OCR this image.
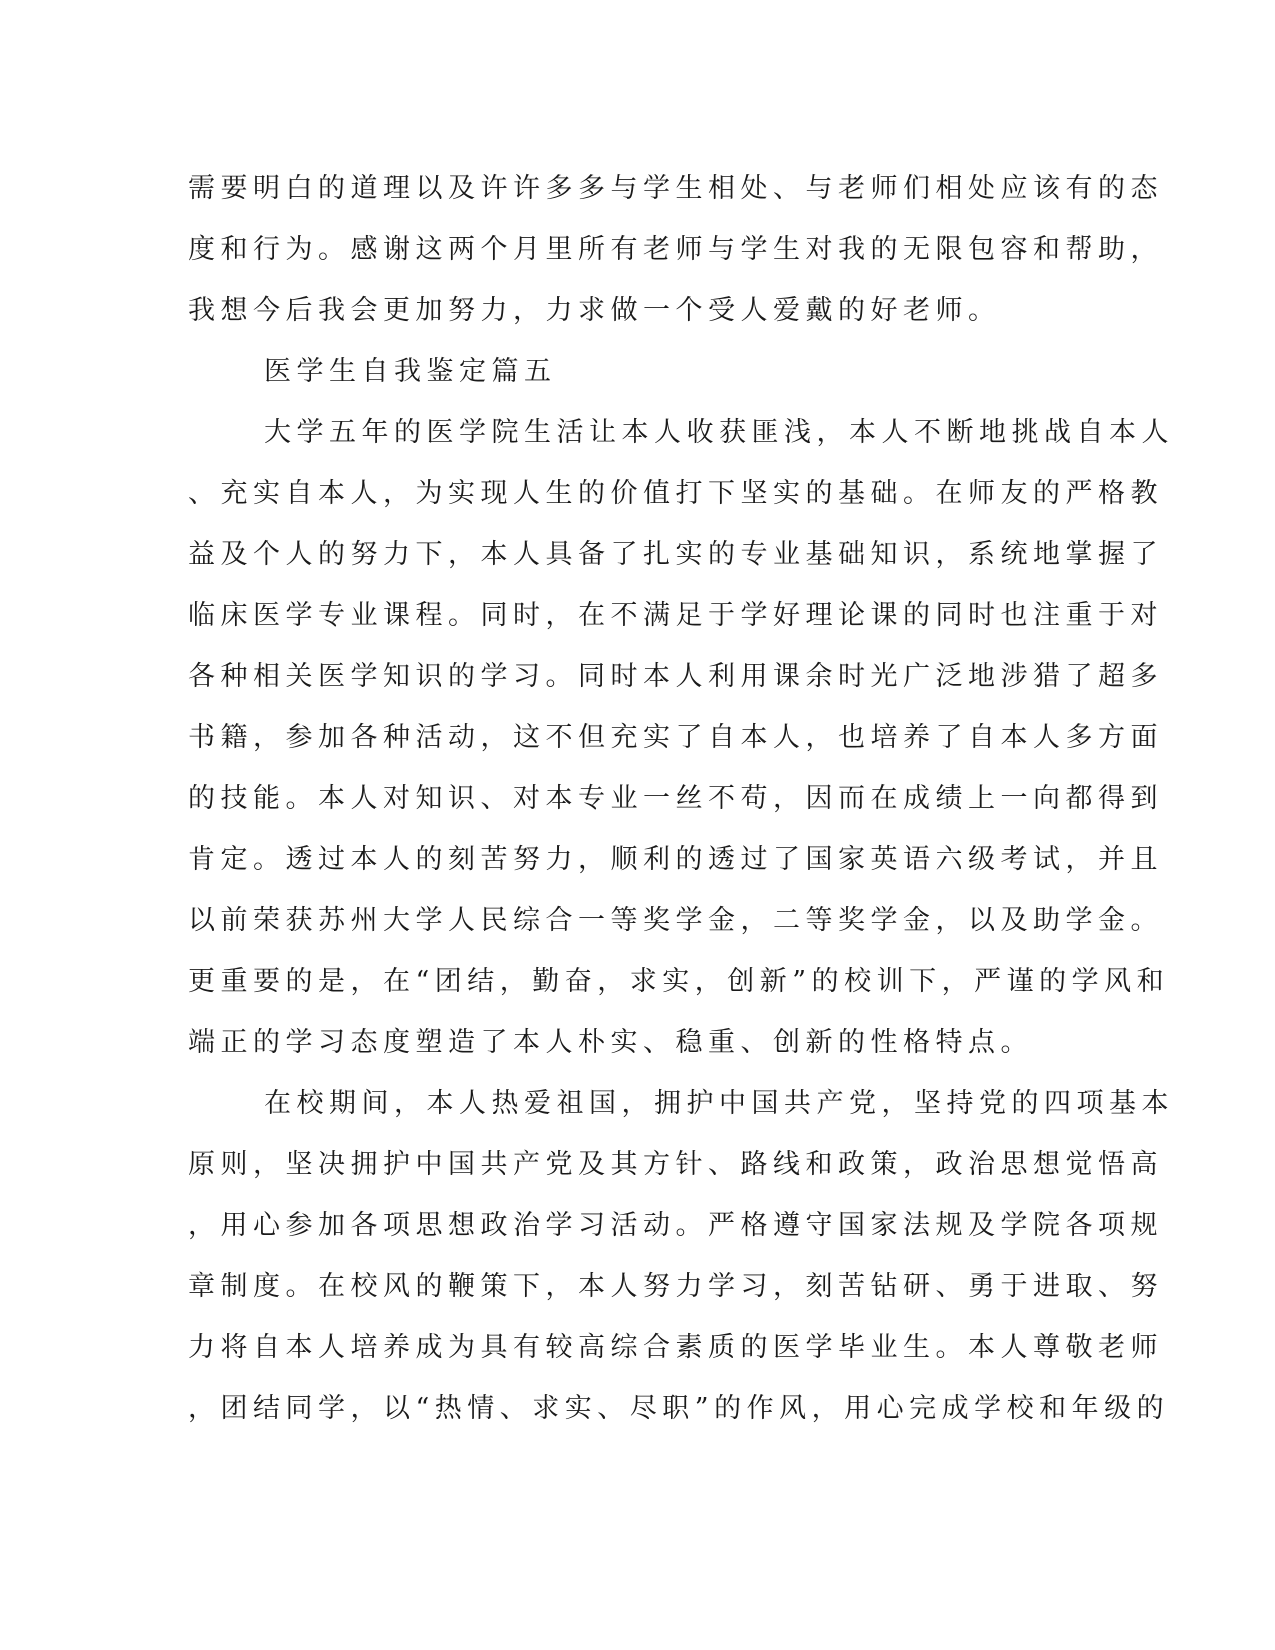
需要明白的道理以及许许多多与学生相处、与老师们相处应该有的态
度和行为。感谢这两个月里所有老师与学生对我的无限包容和帮助，
我想今后我会更加努力，力求做一个受人爱戴的好老师。
医学生自我鉴定篇五
大学五年的医学院生活让本人收获匪浅，本人不断地挑战自本人
、充实自本人，为实现人生的价值打下坚实的基础。在师友的严格教
益及个人的努力下，本人具备了扎实的专业基础知识，系统地掌握了
临床医学专业课程。同时，在不满足于学好理论课的同时也注重于对
各种相关医学知识的学习。同时本人利用课余时光广泛地涉猎了超多
书籍，参加各种活动，这不但充实了自本人，也培养了自本人多方面
的技能。本人对知识、对本专业一丝不苟，因而在成绩上一向都得到
肯定。透过本人的刻苦努力，顺利的透过了国家英语六级考试，并且
以前荣获苏州大学人民综合一等奖学金，二等奖学金，以及助学金。
更重要的是，在“团结，勤奋，求实，创新”的校训下，严谨的学风和
端正的学习态度塑造了本人朴实、稳重、创新的性格特点。
在校期间，本人热爱祖国，拥护中国共产党，坚持党的四项基本
原则，坚决拥护中国共产党及其方针、路线和政策，政治思想觉悟高
，用心参加各项思想政治学习活动。严格遵守国家法规及学院各项规
章制度。在校风的鞭策下，本人努力学习，刻苦钻研、勇于进取、努
力将自本人培养成为具有较高综合素质的医学毕业生。本人尊敬老师
，团结同学，以“热情、求实、尽职”的作风，用心完成学校和年级的
